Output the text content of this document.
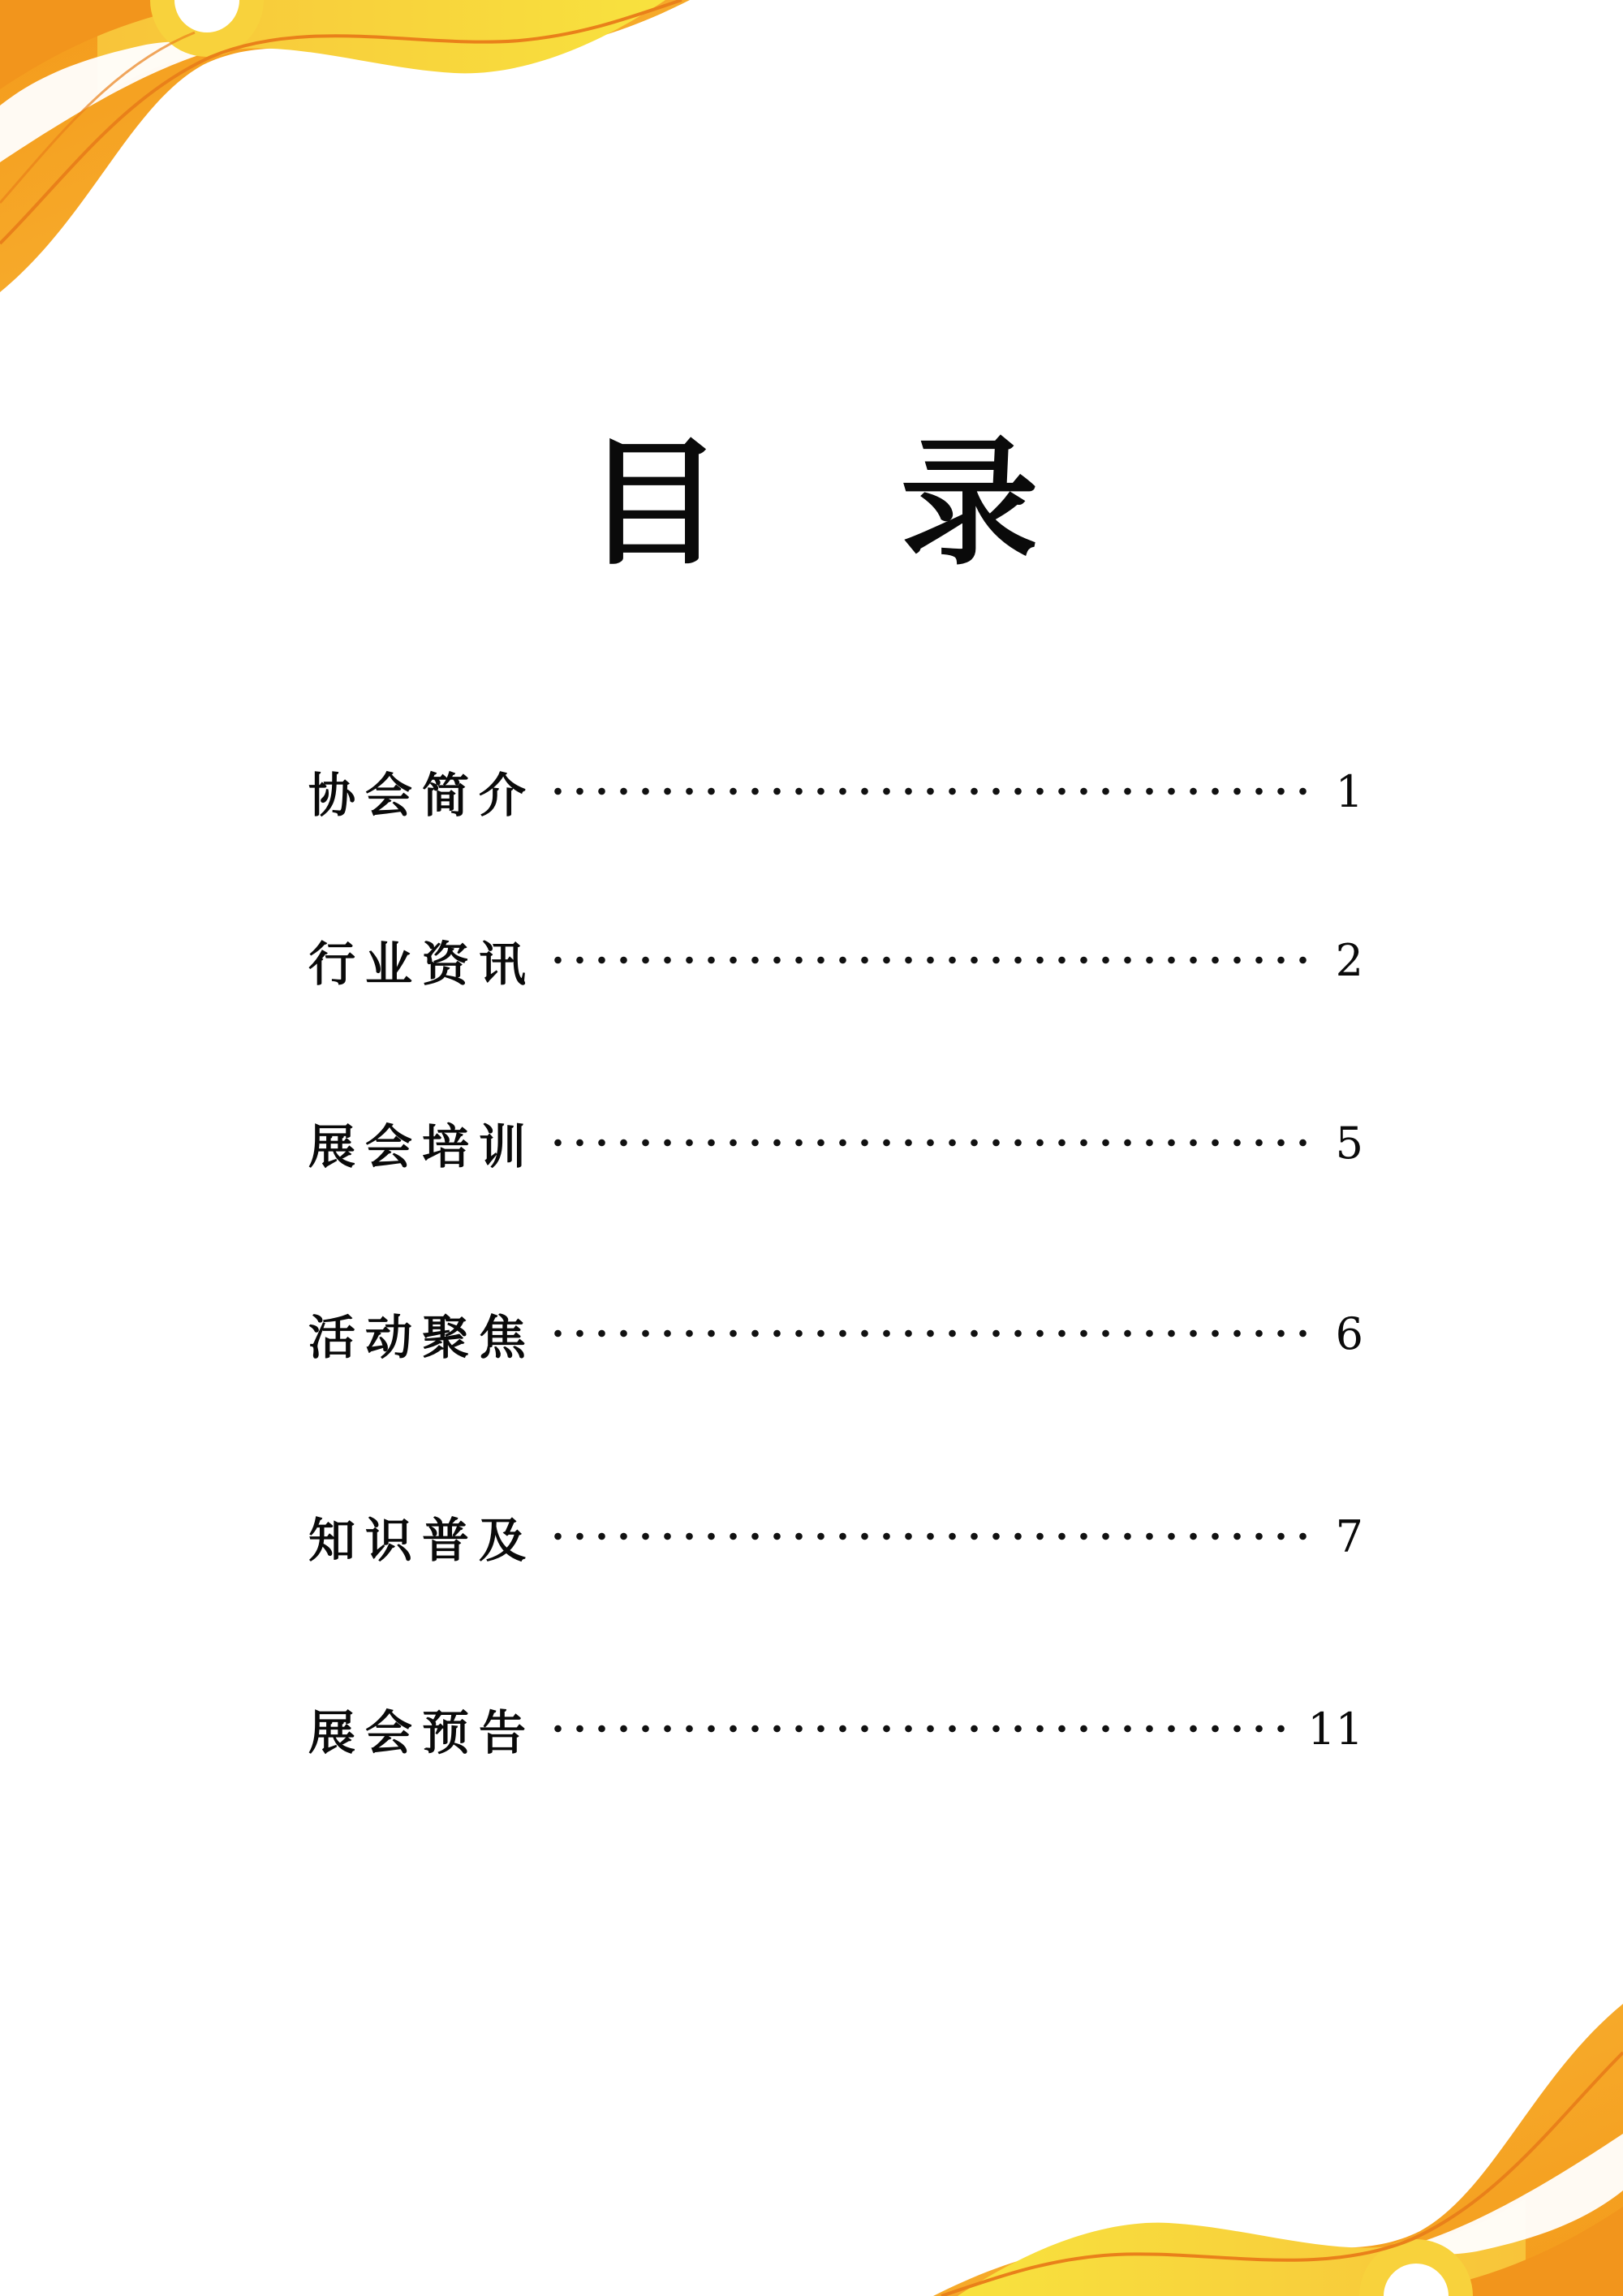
目 录
协会简介	1
行业资讯	2
展会培训	5
活动聚焦	6
知识普及	7
展会预告	11
